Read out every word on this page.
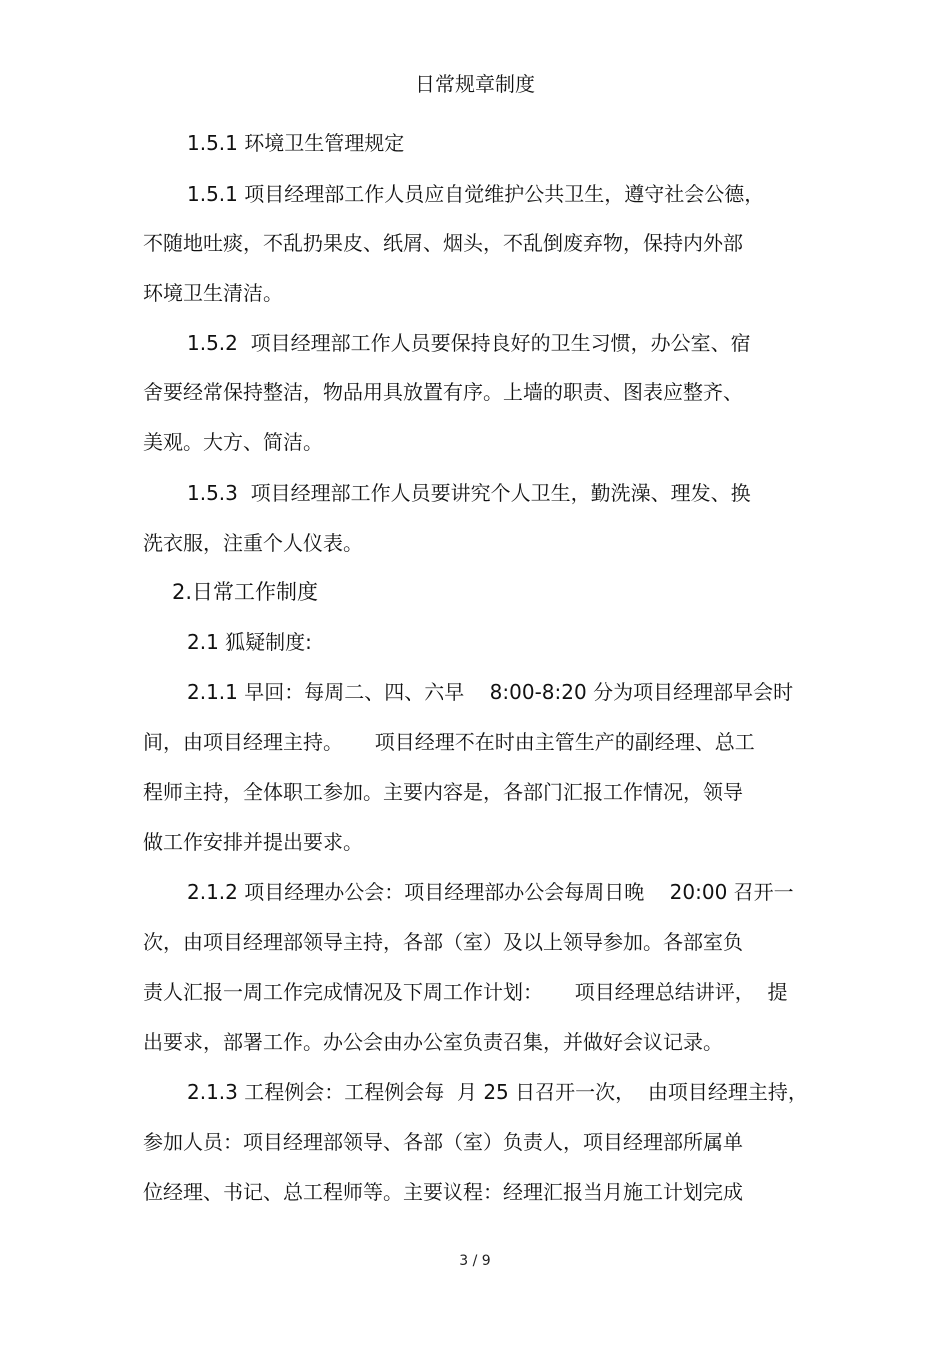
日常规章制度
1.5.1 环境卫生管理规定
1.5.1 项目经理部工作人员应自觉维护公共卫生，遵守社会公德，
不随地吐痰，不乱扔果皮、纸屑、烟头，不乱倒废弃物，保持内外部
环境卫生清洁。
1.5.2  项目经理部工作人员要保持良好的卫生习惯，办公室、宿
舍要经常保持整洁，物品用具放置有序。上墙的职责、图表应整齐、
美观。大方、简洁。
1.5.3  项目经理部工作人员要讲究个人卫生，勤洗澡、理发、换
洗衣服，注重个人仪表。
2.日常工作制度
2.1 狐疑制度:
2.1.1 早回：每周二、四、六早    8:00-8:20 分为项目经理部早会时
间，由项目经理主持。     项目经理不在时由主管生产的副经理、总工
程师主持，全体职工参加。主要内容是，各部门汇报工作情况，领导
做工作安排并提出要求。
2.1.2 项目经理办公会：项目经理部办公会每周日晚    20:00 召开一
次，由项目经理部领导主持，各部（室）及以上领导参加。各部室负
责人汇报一周工作完成情况及下周工作计划：     项目经理总结讲评，  提
出要求，部署工作。办公会由办公室负责召集，并做好会议记录。
2.1.3 工程例会：工程例会每  月 25 日召开一次，  由项目经理主持，
参加人员：项目经理部领导、各部（室）负责人，项目经理部所属单
位经理、书记、总工程师等。主要议程：经理汇报当月施工计划完成
3 / 9
